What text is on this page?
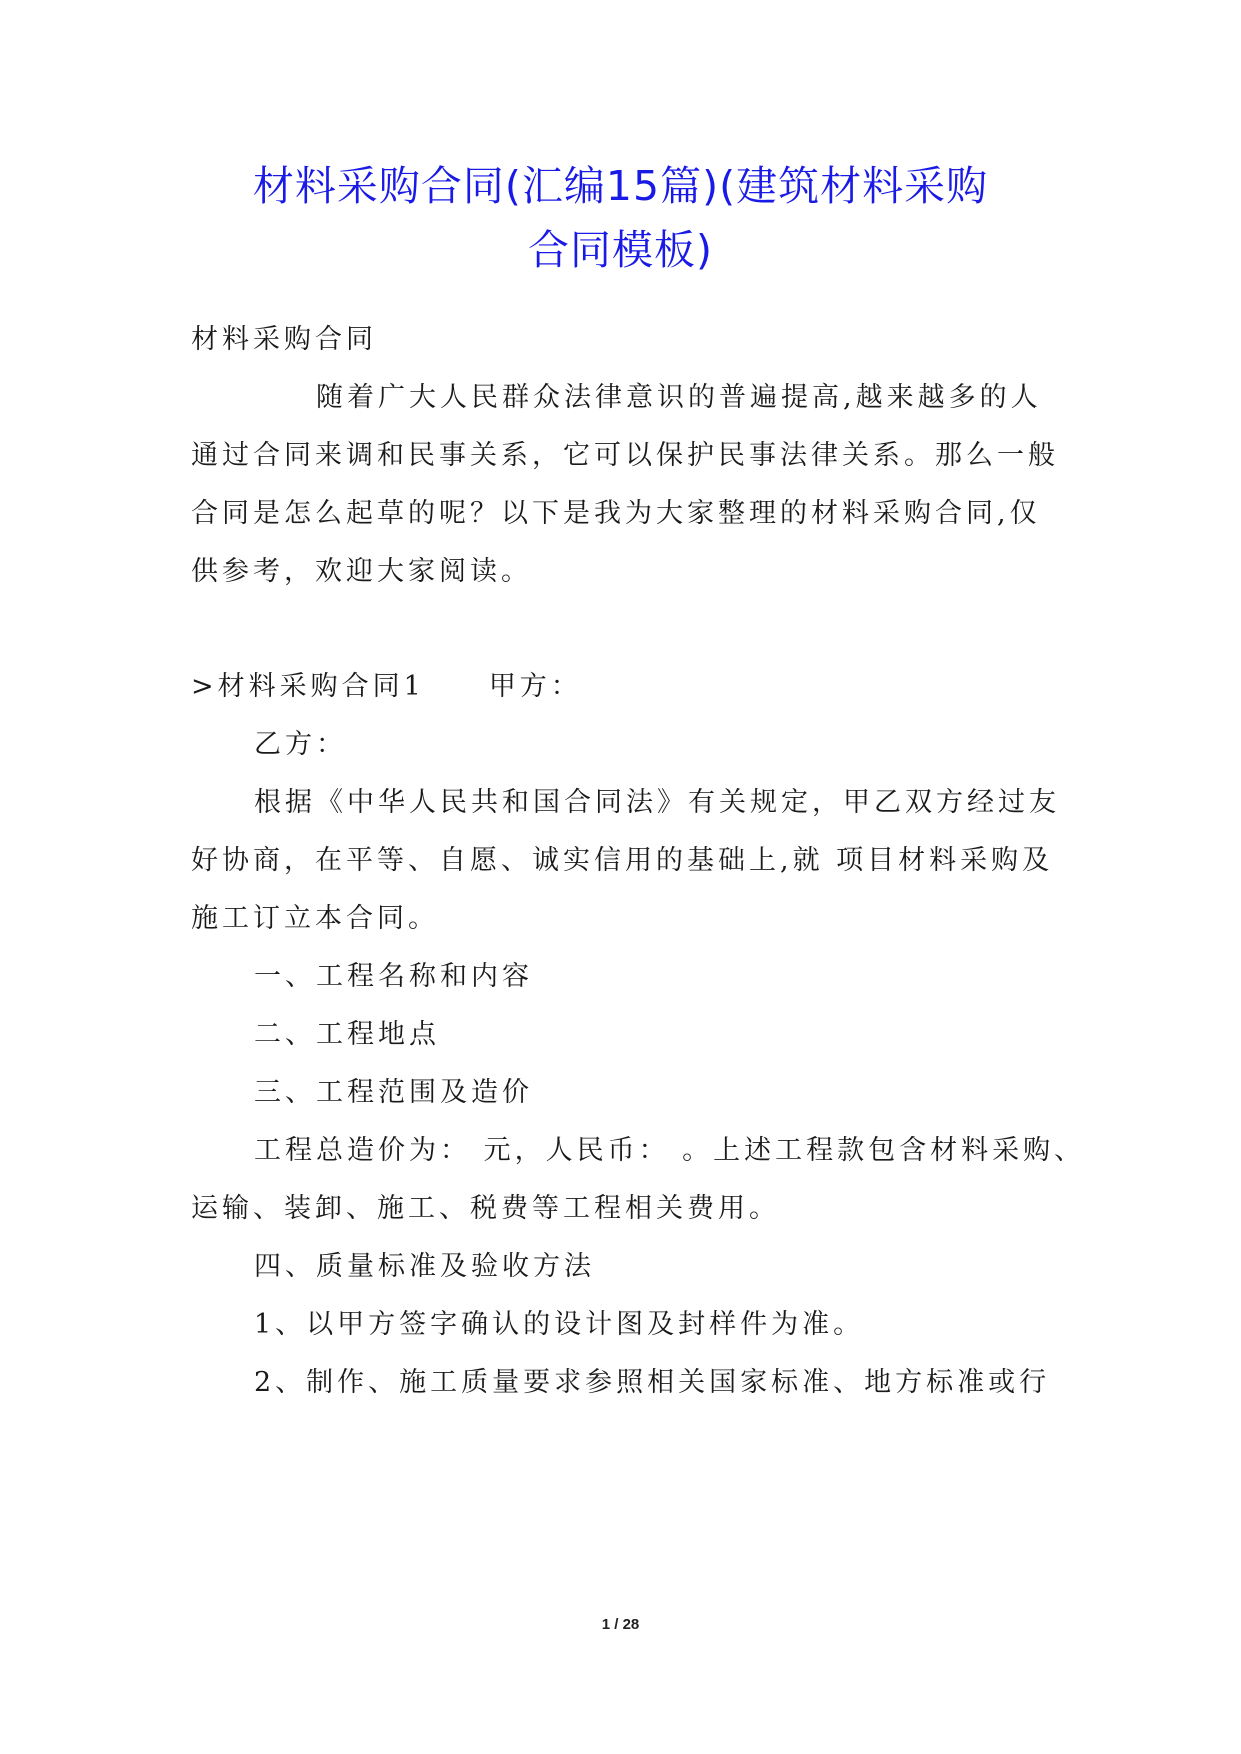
材料采购合同(汇编15篇)(建筑材料采购
合同模板)

材料采购合同

随着广大人民群众法律意识的普遍提高,越来越多的人

通过合同来调和民事关系，它可以保护民事法律关系。那么一般

合同是怎么起草的呢？以下是我为大家整理的材料采购合同,仅

供参考，欢迎大家阅读。

>材料采购合同1 甲方：

乙方：

根据《中华人民共和国合同法》有关规定，甲乙双方经过友

好协商，在平等、自愿、诚实信用的基础上,就 项目材料采购及

施工订立本合同。

一、工程名称和内容

二、工程地点

三、工程范围及造价

工程总造价为： 元，人民币： 。上述工程款包含材料采购、

运输、装卸、施工、税费等工程相关费用。

四、质量标准及验收方法

1、以甲方签字确认的设计图及封样件为准。

2、制作、施工质量要求参照相关国家标准、地方标准或行

1 / 28
